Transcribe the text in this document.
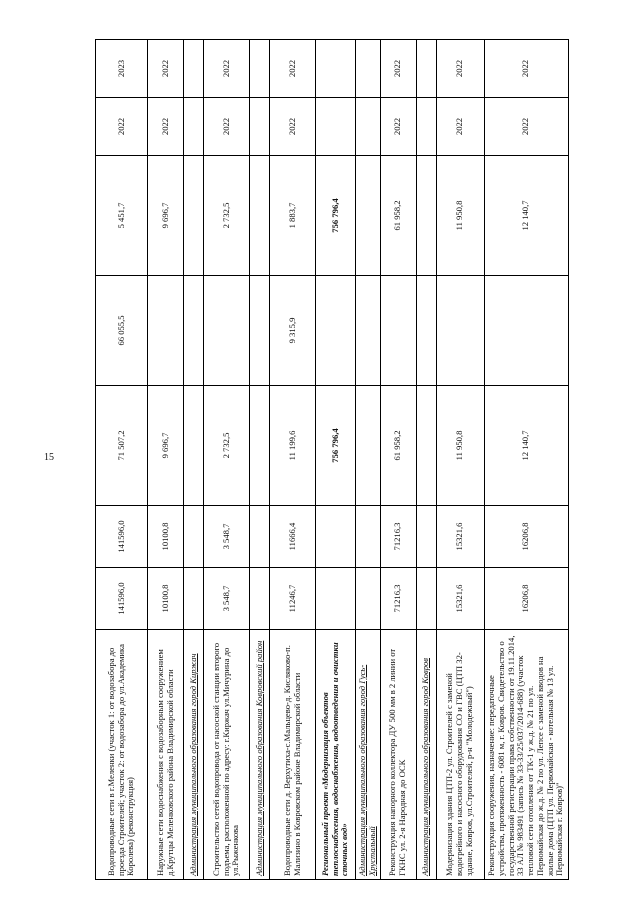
15
Водопроводные сети в г.Меленки (участок 1: от водозабора до проезда Строителей; участок 2: от водозабора до ул.Академика Королева) (реконструкция)	141596,0	141596,0	71 507,2	66 055,5	5 451,7	2022	2023
Наружные сети водоснабжения с водозаборным сооружением д.Крутцы Меленковского района Владимирской области	10100,8	10100,8	9 696,7		9 696,7	2022	2022
Администрация муниципального образования город Киржач							
Строительство сетей водопровода от насосной станции второго подъема, расположенной по адресу: г.Киржач ул.Мичурина до ул.Рыженкова	3 548,7	3 548,7	2 732,5		2 732,5	2022	2022
Администрация муниципального образования Ковровский район							
Водопроводные сети д. Верхутиха-с.Мальцево-д. Кисляково-п. Мализино в Ковровском районе Владимирской области	11246,7	11666,4	11 199,6	9 315,9	1 883,7	2022	2022
Региональный проект «Модернизация объектов теплоснабжения, водоснабжения, водоотведения и очистки сточных вод»			756 796,4		756 796,4		
Администрация муниципального образования город Гусь-Хрустальный							
Реконструкция напорного коллектора ДУ 500 мм в 2 линии от ГКНС ул. 2-я Народная до ОСК	71216,3	71216,3	61 958,2		61 958,2	2022	2022
Администрация муниципального образования город Ковров							
Модернизация здания ЦТП-2 ул. Строителей с заменой водогрейного и насосного оборудования СО и ГВС (ЦТП 32-здание, Ковров, ул.Строителей, р-н "Молодежный")	15321,6	15321,6	11 950,8		11 950,8	2022	2022
Реконструкция сооружения, назначение: передаточные устройства, протяженность - 6081 м, г. Ковров. Свидетельство о государственной регистрации права собственности от 19.11.2014, 33 АЛ № 983491 (запись № 33-33/25/037/2014-688) (участок тепловой сети отопления от ТК-1 у ж.д. № 21 по ул. Первомайская до ж.д. № 2 по ул. Лепсе с заменой вводов на жилые дома (ЦТП ул. Первомайская - котельная № 13 ул. Первомайская г. Ковров)"	16206,8	16206,8	12 140,7		12 140,7	2022	2022
